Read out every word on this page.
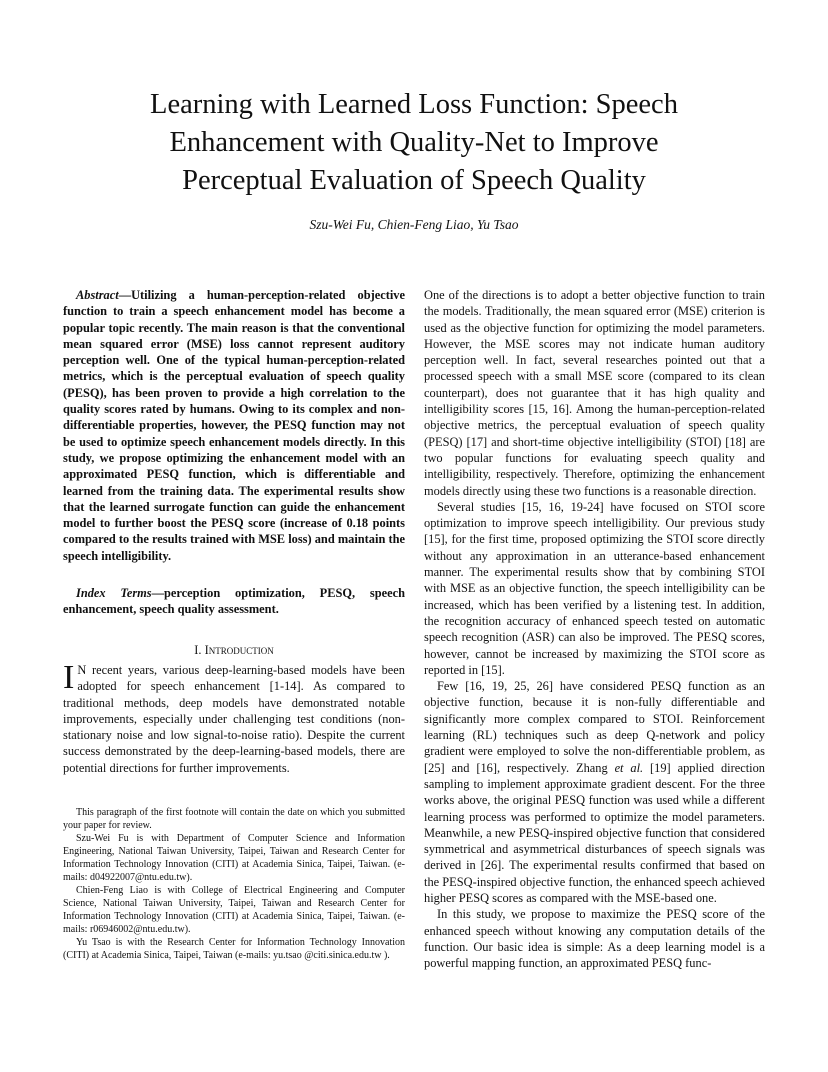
Learning with Learned Loss Function: Speech
Enhancement with Quality-Net to Improve
Perceptual Evaluation of Speech Quality
Szu-Wei Fu, Chien-Feng Liao, Yu Tsao

Abstract—Utilizing a human-perception-related objective function to train a speech enhancement model has become a popular topic recently. The main reason is that the conventional mean squared error (MSE) loss cannot represent auditory perception well. One of the typical human-perception-related metrics, which is the perceptual evaluation of speech quality (PESQ), has been proven to provide a high correlation to the quality scores rated by humans. Owing to its complex and non-differentiable properties, however, the PESQ function may not be used to optimize speech enhancement models directly. In this study, we propose optimizing the enhancement model with an approximated PESQ function, which is differentiable and learned from the training data. The experimental results show that the learned surrogate function can guide the enhancement model to further boost the PESQ score (increase of 0.18 points compared to the results trained with MSE loss) and maintain the speech intelligibility.

Index Terms—perception optimization, PESQ, speech enhancement, speech quality assessment.

I. Introduction

I N recent years, various deep-learning-based models have been adopted for speech enhancement [1-14]. As compared to traditional methods, deep models have demonstrated notable improvements, especially under challenging test conditions (non-stationary noise and low signal-to-noise ratio). Despite the current success demonstrated by the deep-learning-based models, there are potential directions for further improvements.

This paragraph of the first footnote will contain the date on which you submitted your paper for review.

Szu-Wei Fu is with Department of Computer Science and Information Engineering, National Taiwan University, Taipei, Taiwan and Research Center for Information Technology Innovation (CITI) at Academia Sinica, Taipei, Taiwan. (e-mails: d04922007@ntu.edu.tw).

Chien-Feng Liao is with College of Electrical Engineering and Computer Science, National Taiwan University, Taipei, Taiwan and Research Center for Information Technology Innovation (CITI) at Academia Sinica, Taipei, Taiwan. (e-mails: r06946002@ntu.edu.tw).

Yu Tsao is with the Research Center for Information Technology Innovation (CITI) at Academia Sinica, Taipei, Taiwan (e-mails: yu.tsao @citi.sinica.edu.tw ).

One of the directions is to adopt a better objective function to train the models. Traditionally, the mean squared error (MSE) criterion is used as the objective function for optimizing the model parameters. However, the MSE scores may not indicate human auditory perception well. In fact, several researches pointed out that a processed speech with a small MSE score (compared to its clean counterpart), does not guarantee that it has high quality and intelligibility scores [15, 16]. Among the human-perception-related objective metrics, the perceptual evaluation of speech quality (PESQ) [17] and short-time objective intelligibility (STOI) [18] are two popular functions for evaluating speech quality and intelligibility, respectively. Therefore, optimizing the enhancement models directly using these two functions is a reasonable direction.

Several studies [15, 16, 19-24] have focused on STOI score optimization to improve speech intelligibility. Our previous study [15], for the first time, proposed optimizing the STOI score directly without any approximation in an utterance-based enhancement manner. The experimental results show that by combining STOI with MSE as an objective function, the speech intelligibility can be increased, which has been verified by a listening test. In addition, the recognition accuracy of enhanced speech tested on automatic speech recognition (ASR) can also be improved. The PESQ scores, however, cannot be increased by maximizing the STOI score as reported in [15].

Few [16, 19, 25, 26] have considered PESQ function as an objective function, because it is non-fully differentiable and significantly more complex compared to STOI. Reinforcement learning (RL) techniques such as deep Q-network and policy gradient were employed to solve the non-differentiable problem, as [25] and [16], respectively. Zhang et al. [19] applied direction sampling to implement approximate gradient descent. For the three works above, the original PESQ function was used while a different learning process was performed to optimize the model parameters. Meanwhile, a new PESQ-inspired objective function that considered symmetrical and asymmetrical disturbances of speech signals was derived in [26]. The experimental results confirmed that based on the PESQ-inspired objective function, the enhanced speech achieved higher PESQ scores as compared with the MSE-based one.

In this study, we propose to maximize the PESQ score of the enhanced speech without knowing any computation details of the function. Our basic idea is simple: As a deep learning model is a powerful mapping function, an approximated PESQ func-
